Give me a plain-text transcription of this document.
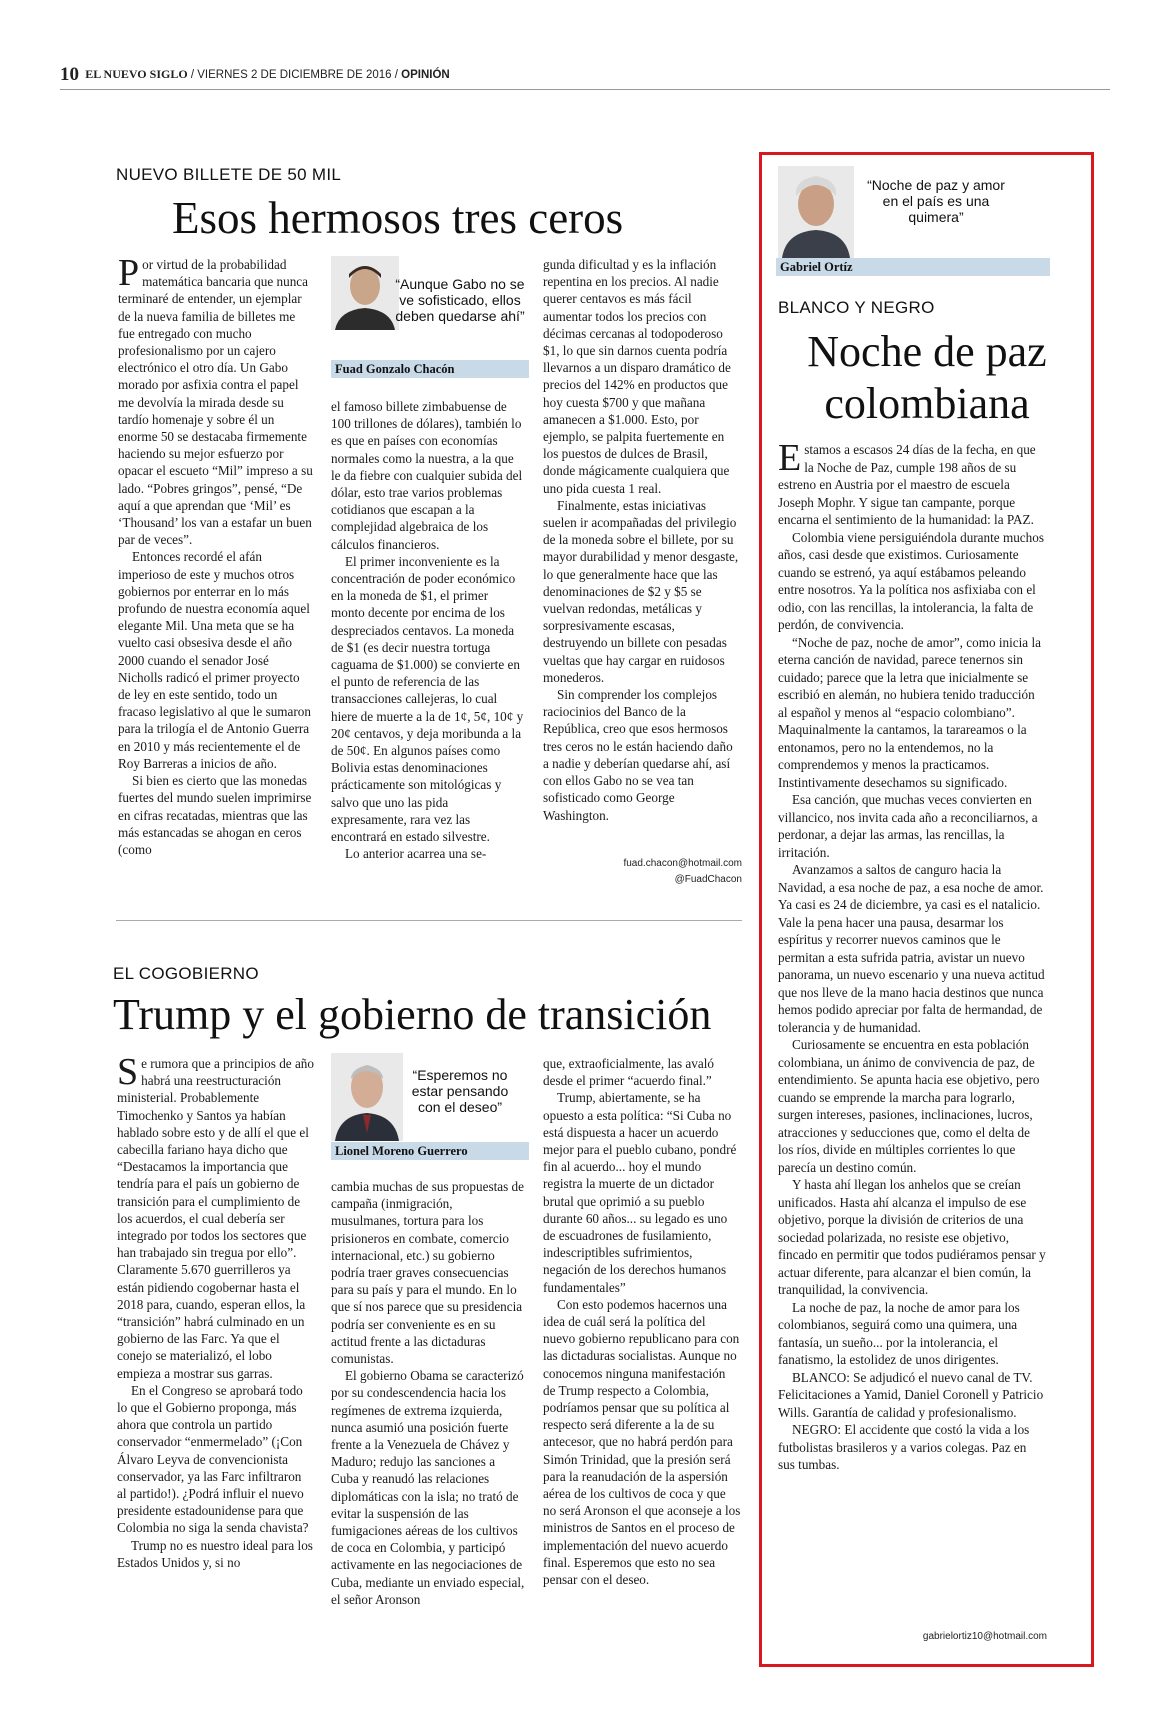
10 EL NUEVO SIGLO / VIERNES 2 DE DICIEMBRE DE 2016 / OPINIÓN
NUEVO BILLETE DE 50 MIL
Esos hermosos tres ceros

Por virtud de la probabilidad matemática bancaria que nunca terminaré de entender, un ejemplar de la nueva familia de billetes me fue entregado con mucho profesionalismo por un cajero electrónico el otro día. Un Gabo morado por asfixia contra el papel me devolvía la mirada desde su tardío homenaje y sobre él un enorme 50 se destacaba firmemente haciendo su mejor esfuerzo por opacar el escueto “Mil” impreso a su lado. “Pobres gringos”, pensé, “De aquí a que aprendan que ‘Mil’ es ‘Thousand’ los van a estafar un buen par de veces”.

Entonces recordé el afán imperioso de este y muchos otros gobiernos por enterrar en lo más profundo de nuestra economía aquel elegante Mil. Una meta que se ha vuelto casi obsesiva desde el año 2000 cuando el senador José Nicholls radicó el primer proyecto de ley en este sentido, todo un fracaso legislativo al que le sumaron para la trilogía el de Antonio Guerra en 2010 y más recientemente el de Roy Barreras a inicios de año.

Si bien es cierto que las monedas fuertes del mundo suelen imprimirse en cifras recatadas, mientras que las más estancadas se ahogan en ceros (como

“Aunque Gabo no se ve sofisticado, ellos deben quedarse ahí”
Fuad Gonzalo Chacón

el famoso billete zimbabuense de 100 trillones de dólares), también lo es que en países con economías normales como la nuestra, a la que le da fiebre con cualquier subida del dólar, esto trae varios problemas cotidianos que escapan a la complejidad algebraica de los cálculos financieros.

El primer inconveniente es la concentración de poder económico en la moneda de $1, el primer monto decente por encima de los despreciados centavos. La moneda de $1 (es decir nuestra tortuga caguama de $1.000) se convierte en el punto de referencia de las transacciones callejeras, lo cual hiere de muerte a la de 1¢, 5¢, 10¢ y 20¢ centavos, y deja moribunda a la de 50¢. En algunos países como Bolivia estas denominaciones prácticamente son mitológicas y salvo que uno las pida expresamente, rara vez las encontrará en estado silvestre.

Lo anterior acarrea una se-

gunda dificultad y es la inflación repentina en los precios. Al nadie querer centavos es más fácil aumentar todos los precios con décimas cercanas al todopoderoso $1, lo que sin darnos cuenta podría llevarnos a un disparo dramático de precios del 142% en productos que hoy cuesta $700 y que mañana amanecen a $1.000. Esto, por ejemplo, se palpita fuertemente en los puestos de dulces de Brasil, donde mágicamente cualquiera que uno pida cuesta 1 real.

Finalmente, estas iniciativas suelen ir acompañadas del privilegio de la moneda sobre el billete, por su mayor durabilidad y menor desgaste, lo que generalmente hace que las denominaciones de $2 y $5 se vuelvan redondas, metálicas y sorpresivamente escasas, destruyendo un billete con pesadas vueltas que hay cargar en ruidosos monederos.

Sin comprender los complejos raciocinios del Banco de la República, creo que esos hermosos tres ceros no le están haciendo daño a nadie y deberían quedarse ahí, así con ellos Gabo no se vea tan sofisticado como George Washington.

fuad.chacon@hotmail.com
@FuadChacon
EL COGOBIERNO
Trump y el gobierno de transición

Se rumora que a principios de año habrá una reestructuración ministerial. Probablemente Timochenko y Santos ya habían hablado sobre esto y de allí el que el cabecilla fariano haya dicho que “Destacamos la importancia que tendría para el país un gobierno de transición para el cumplimiento de los acuerdos, el cual debería ser integrado por todos los sectores que han trabajado sin tregua por ello”. Claramente 5.670 guerrilleros ya están pidiendo cogobernar hasta el 2018 para, cuando, esperan ellos, la “transición” habrá culminado en un gobierno de las Farc. Ya que el conejo se materializó, el lobo empieza a mostrar sus garras.

En el Congreso se aprobará todo lo que el Gobierno proponga, más ahora que controla un partido conservador “enmermelado” (¡Con Álvaro Leyva de convencionista conservador, ya las Farc infiltraron al partido!). ¿Podrá influir el nuevo presidente estadounidense para que Colombia no siga la senda chavista?

Trump no es nuestro ideal para los Estados Unidos y, si no

“Esperemos no estar pensando con el deseo”
Lionel Moreno Guerrero

cambia muchas de sus propuestas de campaña (inmigración, musulmanes, tortura para los prisioneros en combate, comercio internacional, etc.) su gobierno podría traer graves consecuencias para su país y para el mundo. En lo que sí nos parece que su presidencia podría ser conveniente es en su actitud frente a las dictaduras comunistas.

El gobierno Obama se caracterizó por su condescendencia hacia los regímenes de extrema izquierda, nunca asumió una posición fuerte frente a la Venezuela de Chávez y Maduro; redujo las sanciones a Cuba y reanudó las relaciones diplomáticas con la isla; no trató de evitar la suspensión de las fumigaciones aéreas de los cultivos de coca en Colombia, y participó activamente en las negociaciones de Cuba, mediante un enviado especial, el señor Aronson

que, extraoficialmente, las avaló desde el primer “acuerdo final.”

Trump, abiertamente, se ha opuesto a esta política: “Si Cuba no está dispuesta a hacer un acuerdo mejor para el pueblo cubano, pondré fin al acuerdo... hoy el mundo registra la muerte de un dictador brutal que oprimió a su pueblo durante 60 años... su legado es uno de escuadrones de fusilamiento, indescriptibles sufrimientos, negación de los derechos humanos fundamentales”

Con esto podemos hacernos una idea de cuál será la política del nuevo gobierno republicano para con las dictaduras socialistas. Aunque no conocemos ninguna manifestación de Trump respecto a Colombia, podríamos pensar que su política al respecto será diferente a la de su antecesor, que no habrá perdón para Simón Trinidad, que la presión será para la reanudación de la aspersión aérea de los cultivos de coca y que no será Aronson el que aconseje a los ministros de Santos en el proceso de implementación del nuevo acuerdo final. Esperemos que esto no sea pensar con el deseo.

“Noche de paz y amor en el país es una quimera”
Gabriel Ortíz
BLANCO Y NEGRO
Noche de paz
colombiana

Estamos a escasos 24 días de la fecha, en que la Noche de Paz, cumple 198 años de su estreno en Austria por el maestro de escuela Joseph Mophr. Y sigue tan campante, porque encarna el sentimiento de la humanidad: la PAZ.

Colombia viene persiguiéndola durante muchos años, casi desde que existimos. Curiosamente cuando se estrenó, ya aquí estábamos peleando entre nosotros. Ya la política nos asfixiaba con el odio, con las rencillas, la intolerancia, la falta de perdón, de convivencia.

“Noche de paz, noche de amor”, como inicia la eterna canción de navidad, parece tenernos sin cuidado; parece que la letra que inicialmente se escribió en alemán, no hubiera tenido traducción al español y menos al “espacio colombiano”. Maquinalmente la cantamos, la tarareamos o la entonamos, pero no la entendemos, no la comprendemos y menos la practicamos. Instintivamente desechamos su significado.

Esa canción, que muchas veces convierten en villancico, nos invita cada año a reconciliarnos, a perdonar, a dejar las armas, las rencillas, la irritación.

Avanzamos a saltos de canguro hacia la Navidad, a esa noche de paz, a esa noche de amor. Ya casi es 24 de diciembre, ya casi es el natalicio. Vale la pena hacer una pausa, desarmar los espíritus y recorrer nuevos caminos que le permitan a esta sufrida patria, avistar un nuevo panorama, un nuevo escenario y una nueva actitud que nos lleve de la mano hacia destinos que nunca hemos podido apreciar por falta de hermandad, de tolerancia y de humanidad.

Curiosamente se encuentra en esta población colombiana, un ánimo de convivencia de paz, de entendimiento. Se apunta hacia ese objetivo, pero cuando se emprende la marcha para lograrlo, surgen intereses, pasiones, inclinaciones, lucros, atracciones y seducciones que, como el delta de los ríos, divide en múltiples corrientes lo que parecía un destino común.

Y hasta ahí llegan los anhelos que se creían unificados. Hasta ahí alcanza el impulso de ese objetivo, porque la división de criterios de una sociedad polarizada, no resiste ese objetivo, fincado en permitir que todos pudiéramos pensar y actuar diferente, para alcanzar el bien común, la tranquilidad, la convivencia.

La noche de paz, la noche de amor para los colombianos, seguirá como una quimera, una fantasía, un sueño... por la intolerancia, el fanatismo, la estolidez de unos dirigentes.

BLANCO: Se adjudicó el nuevo canal de TV. Felicitaciones a Yamid, Daniel Coronell y Patricio Wills. Garantía de calidad y profesionalismo.

NEGRO: El accidente que costó la vida a los futbolistas brasileros y a varios colegas. Paz en sus tumbas.

gabrielortiz10@hotmail.com
